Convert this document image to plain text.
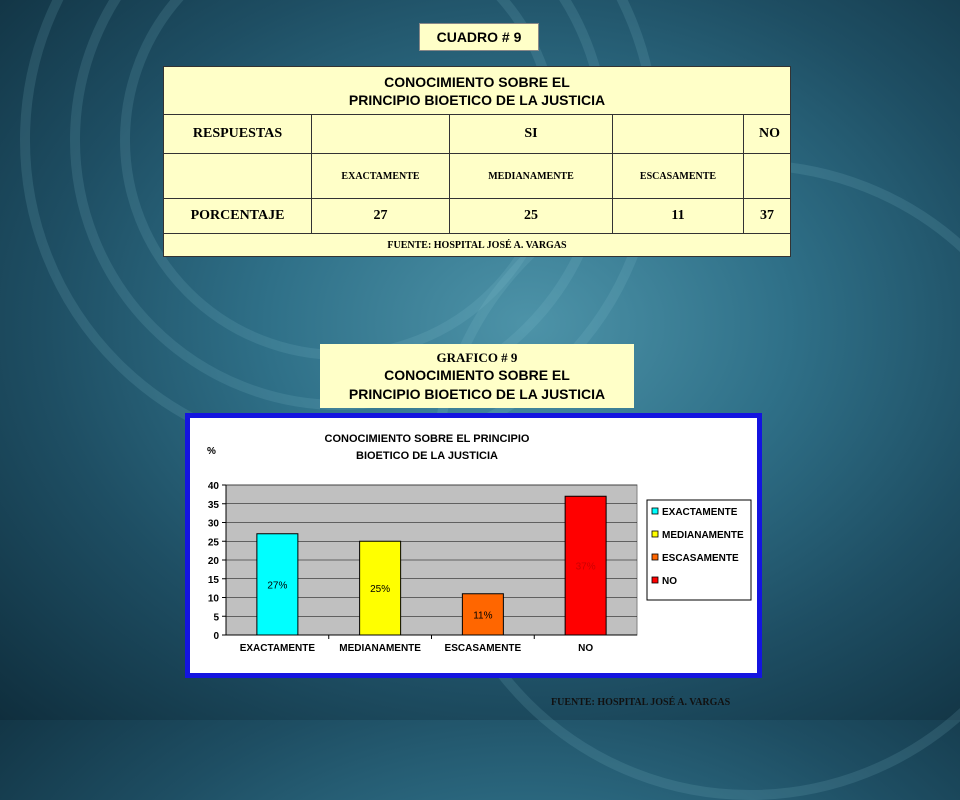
CUADRO # 9
CONOCIMIENTO SOBRE EL
PRINCIPIO BIOETICO DE LA JUSTICIA				

RESPUESTAS		SI		NO
	EXACTAMENTE	MEDIANAMENTE	ESCASAMENTE	
PORCENTAJE	27	25	11	37
FUENTE: HOSPITAL JOSÉ A. VARGAS				
GRAFICO # 9
CONOCIMIENTO SOBRE EL
PRINCIPIO BIOETICO DE LA JUSTICIA
CONOCIMIENTO SOBRE EL PRINCIPIO
BIOETICO DE LA JUSTICIA
%
0
5
10
15
20
25
30
35
40
27%
EXACTAMENTE
25%
MEDIANAMENTE
11%
ESCASAMENTE
37%
NO
EXACTAMENTE
MEDIANAMENTE
ESCASAMENTE
NO
FUENTE: HOSPITAL JOSÉ A. VARGAS
